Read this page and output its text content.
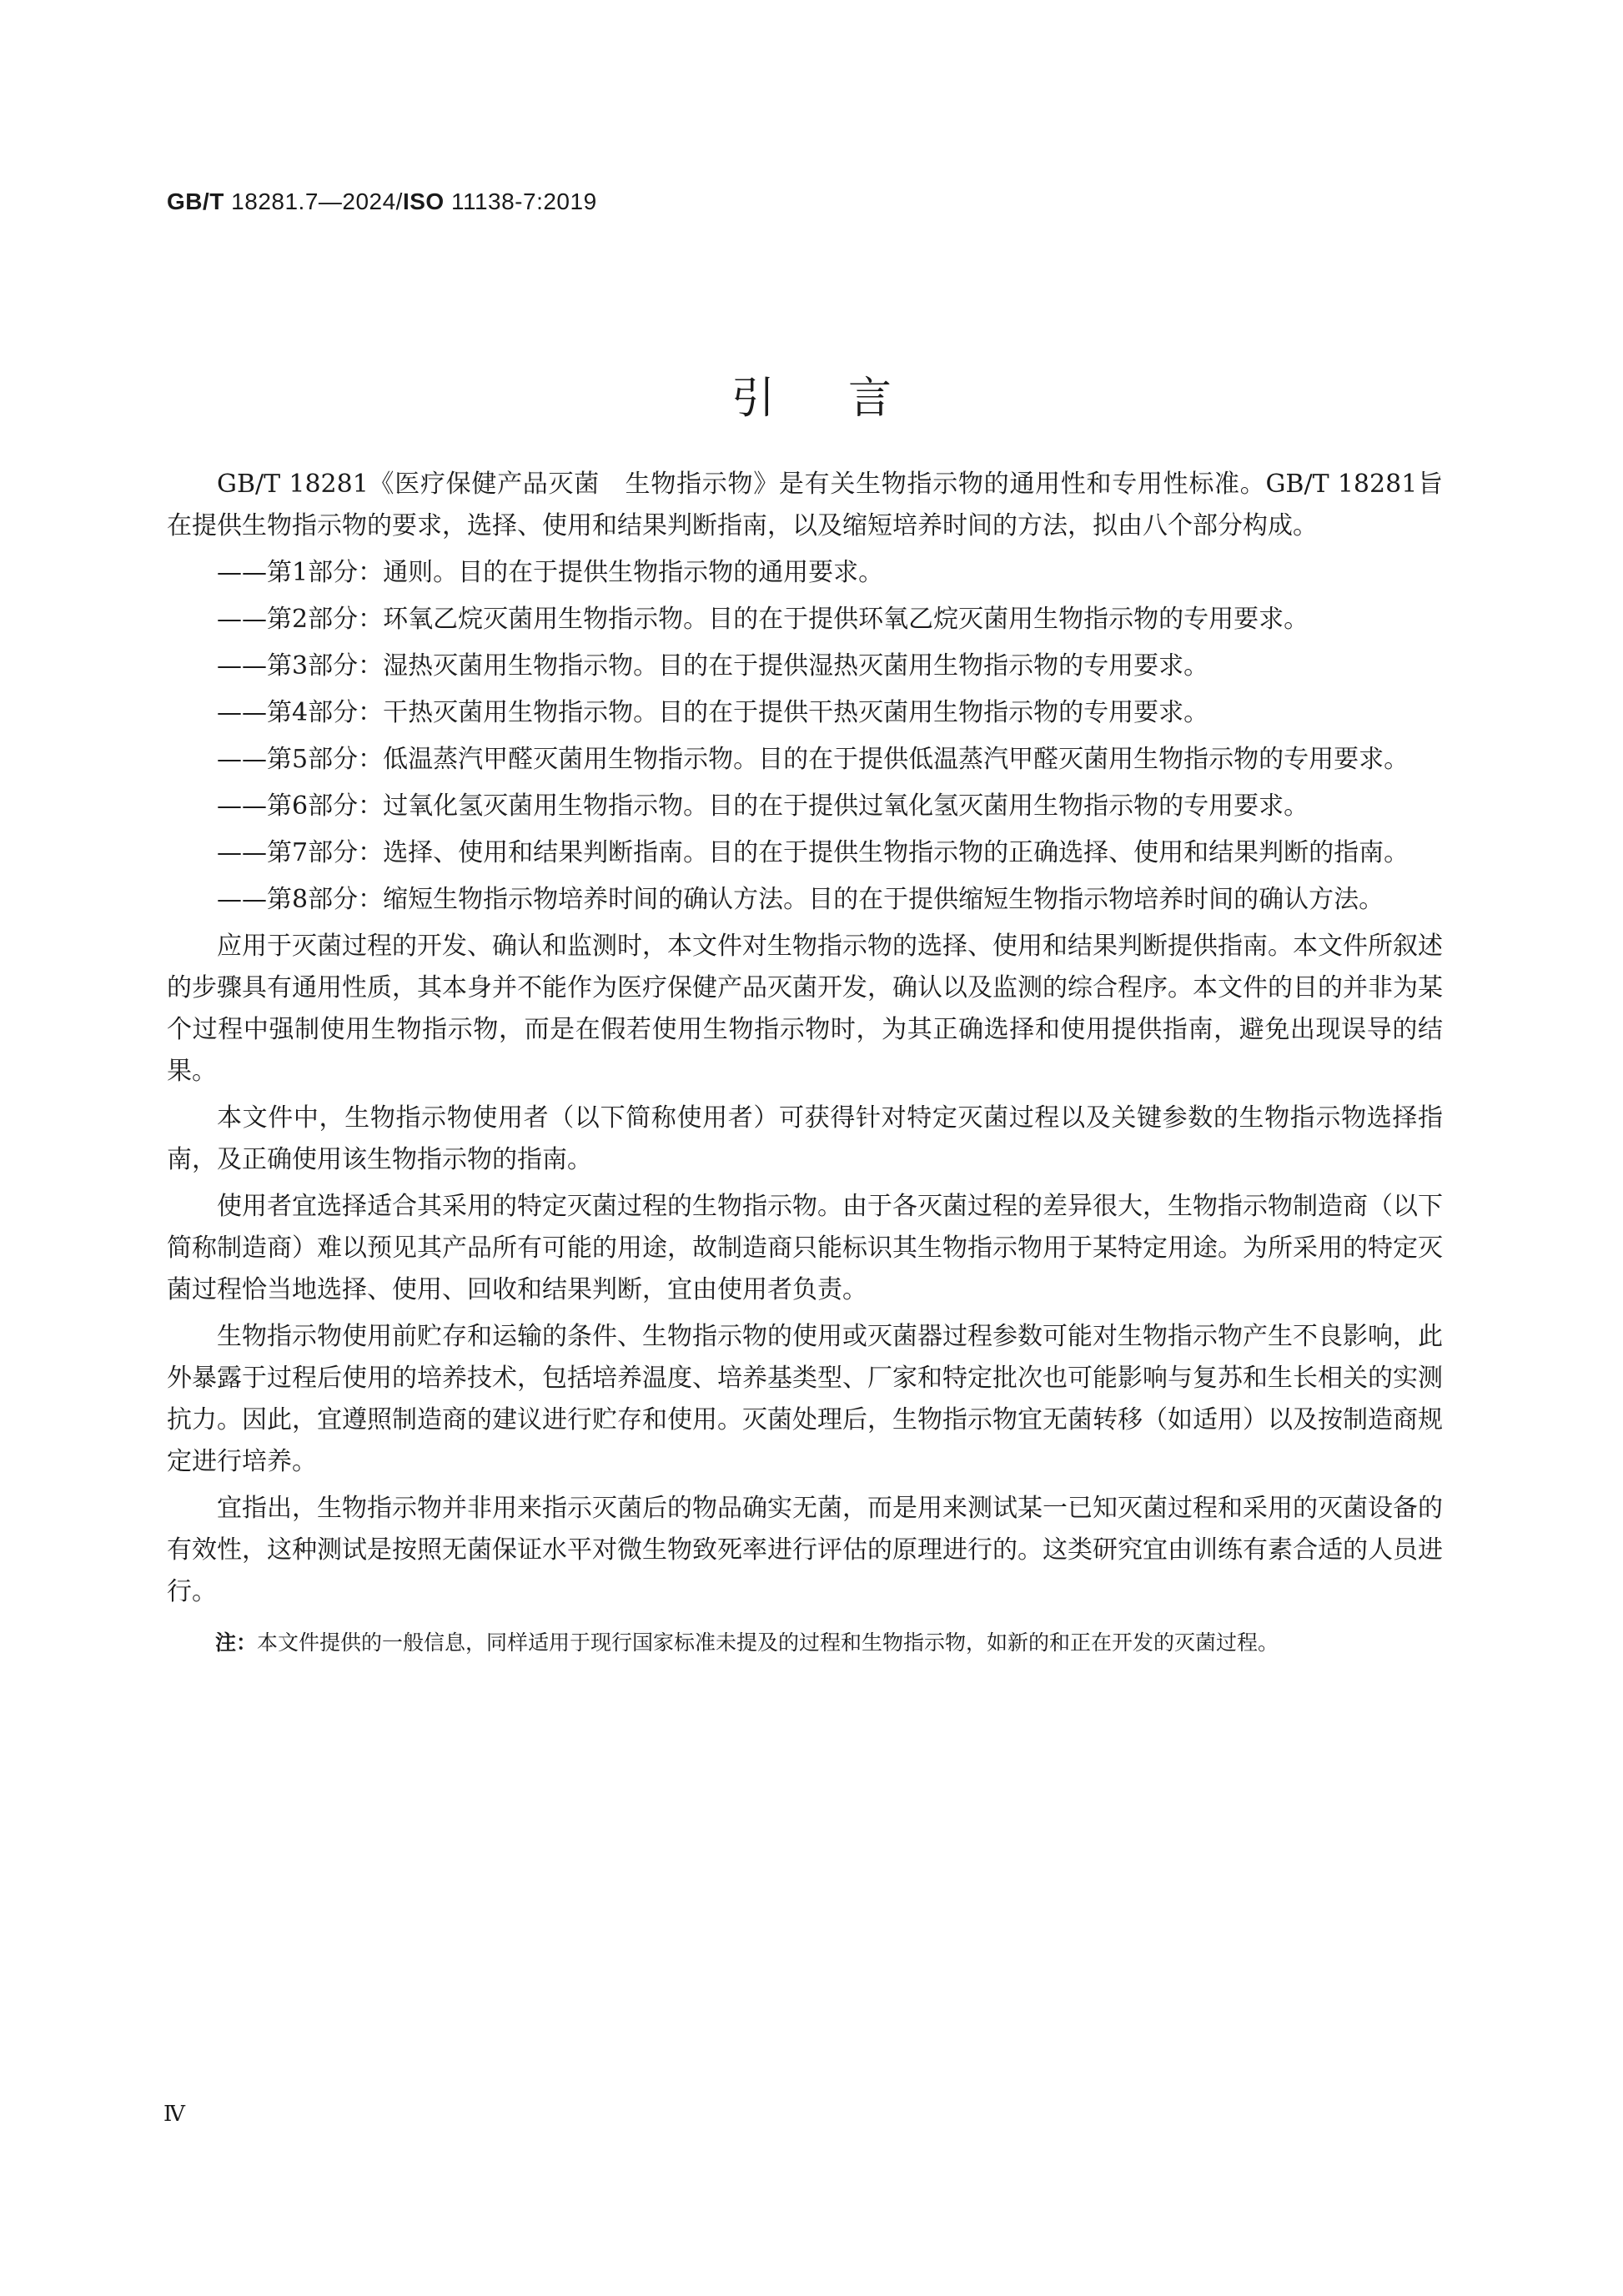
GB/T 18281.7—2024/ISO 11138-7:2019
引言

GB/T 18281《医疗保健产品灭菌　生物指示物》是有关生物指示物的通用性和专用性标准。GB/T 18281旨在提供生物指示物的要求，选择、使用和结果判断指南，以及缩短培养时间的方法，拟由八个部分构成。

——第1部分：通则。目的在于提供生物指示物的通用要求。
——第2部分：环氧乙烷灭菌用生物指示物。目的在于提供环氧乙烷灭菌用生物指示物的专用要求。
——第3部分：湿热灭菌用生物指示物。目的在于提供湿热灭菌用生物指示物的专用要求。
——第4部分：干热灭菌用生物指示物。目的在于提供干热灭菌用生物指示物的专用要求。
——第5部分：低温蒸汽甲醛灭菌用生物指示物。目的在于提供低温蒸汽甲醛灭菌用生物指示物的专用要求。
——第6部分：过氧化氢灭菌用生物指示物。目的在于提供过氧化氢灭菌用生物指示物的专用要求。
——第7部分：选择、使用和结果判断指南。目的在于提供生物指示物的正确选择、使用和结果判断的指南。
——第8部分：缩短生物指示物培养时间的确认方法。目的在于提供缩短生物指示物培养时间的确认方法。

应用于灭菌过程的开发、确认和监测时，本文件对生物指示物的选择、使用和结果判断提供指南。本文件所叙述的步骤具有通用性质，其本身并不能作为医疗保健产品灭菌开发，确认以及监测的综合程序。本文件的目的并非为某个过程中强制使用生物指示物，而是在假若使用生物指示物时，为其正确选择和使用提供指南，避免出现误导的结果。

本文件中，生物指示物使用者（以下简称使用者）可获得针对特定灭菌过程以及关键参数的生物指示物选择指南，及正确使用该生物指示物的指南。

使用者宜选择适合其采用的特定灭菌过程的生物指示物。由于各灭菌过程的差异很大，生物指示物制造商（以下简称制造商）难以预见其产品所有可能的用途，故制造商只能标识其生物指示物用于某特定用途。为所采用的特定灭菌过程恰当地选择、使用、回收和结果判断，宜由使用者负责。

生物指示物使用前贮存和运输的条件、生物指示物的使用或灭菌器过程参数可能对生物指示物产生不良影响，此外暴露于过程后使用的培养技术，包括培养温度、培养基类型、厂家和特定批次也可能影响与复苏和生长相关的实测抗力。因此，宜遵照制造商的建议进行贮存和使用。灭菌处理后，生物指示物宜无菌转移（如适用）以及按制造商规定进行培养。

宜指出，生物指示物并非用来指示灭菌后的物品确实无菌，而是用来测试某一已知灭菌过程和采用的灭菌设备的有效性，这种测试是按照无菌保证水平对微生物致死率进行评估的原理进行的。这类研究宜由训练有素合适的人员进行。

注：本文件提供的一般信息，同样适用于现行国家标准未提及的过程和生物指示物，如新的和正在开发的灭菌过程。
Ⅳ
